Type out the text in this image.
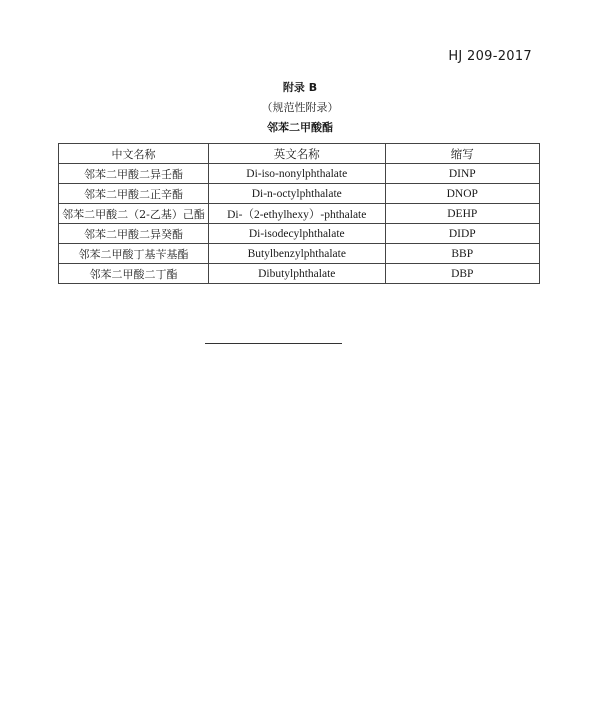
HJ 209-2017
附录 B
（规范性附录）
邻苯二甲酸酯
中文名称	英文名称	缩写
邻苯二甲酸二异壬酯	Di-iso-nonylphthalate	DINP
邻苯二甲酸二正辛酯	Di-n-octylphthalate	DNOP
邻苯二甲酸二（2-乙基）己酯	Di-（2-ethylhexy）-phthalate	DEHP
邻苯二甲酸二异癸酯	Di-isodecylphthalate	DIDP
邻苯二甲酸丁基苄基酯	Butylbenzylphthalate	BBP
邻苯二甲酸二丁酯	Dibutylphthalate	DBP
